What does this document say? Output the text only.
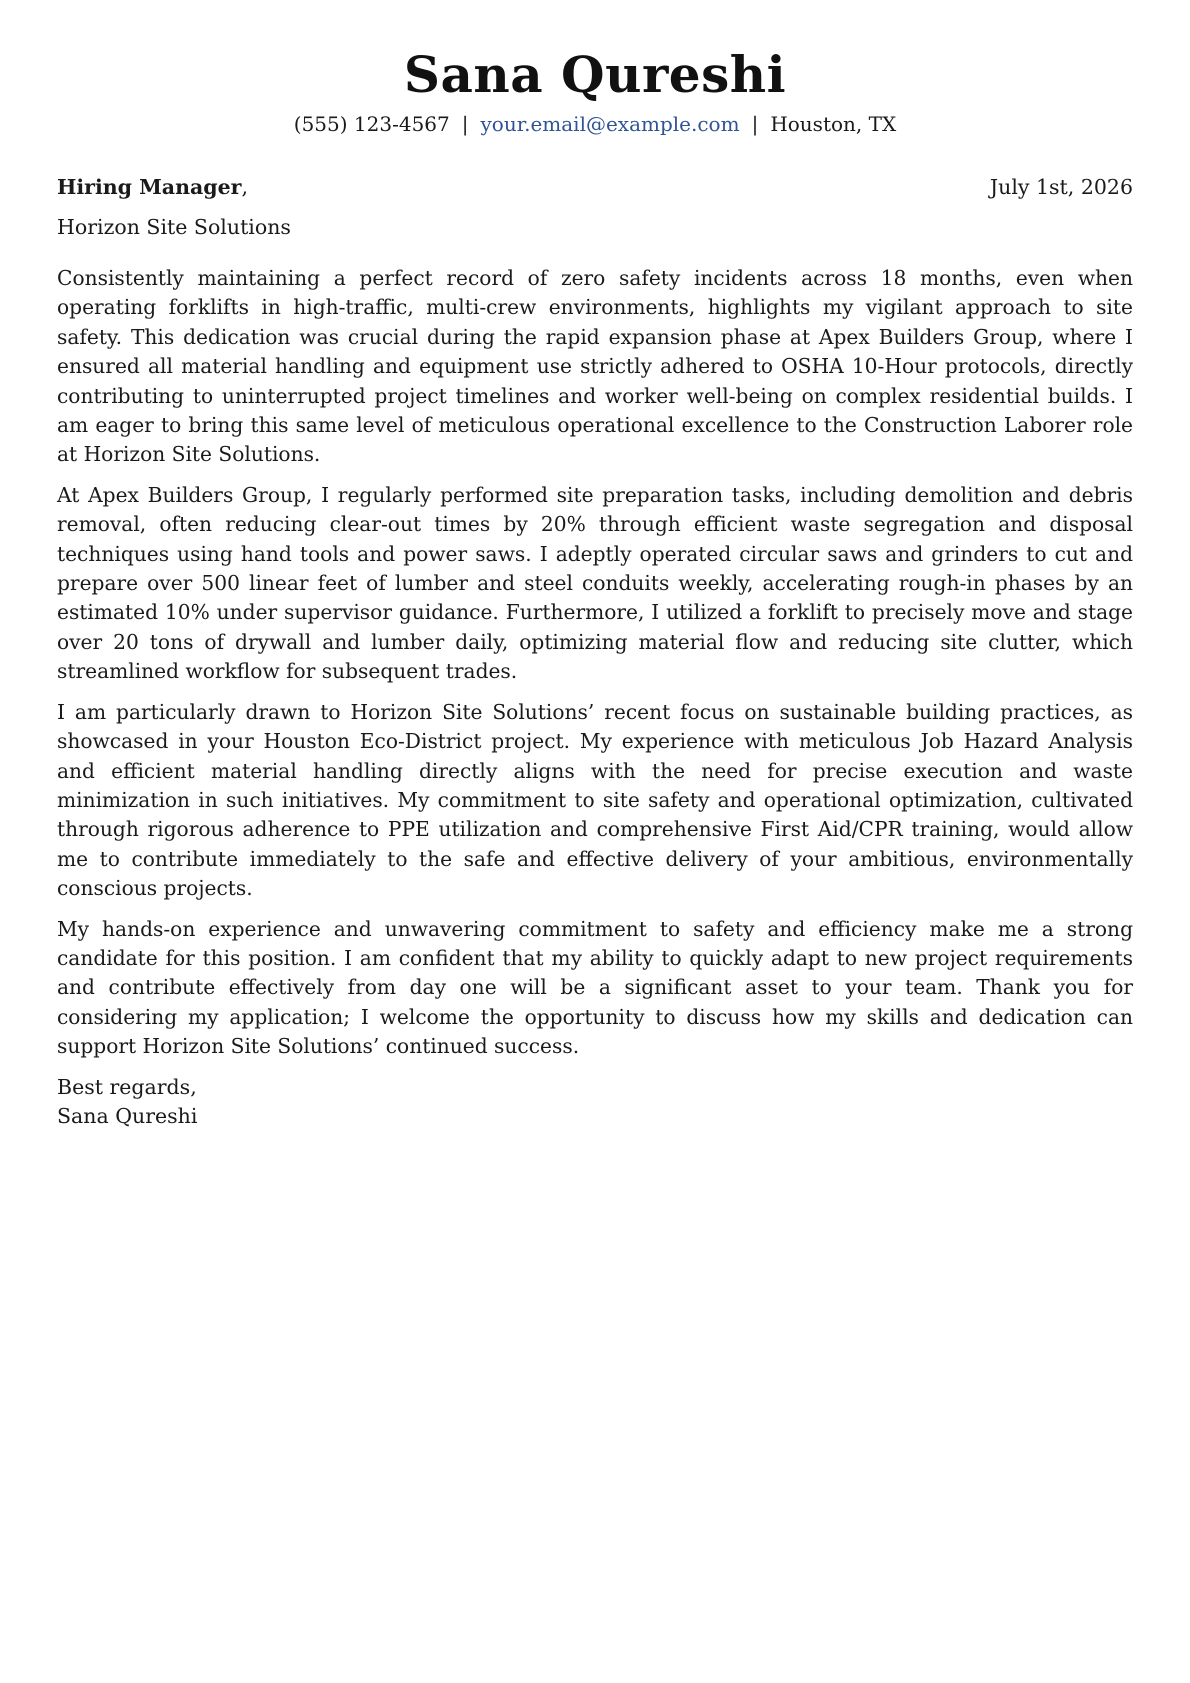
Sana Qureshi
(555) 123-4567 | your.email@example.com | Houston, TX
Hiring Manager,	July 1st, 2026
Horizon Site Solutions

Consistently maintaining a perfect record of zero safety incidents across 18 months, even when operating forklifts in high-traffic, multi-crew environments, highlights my vigilant approach to site safety. This dedication was crucial during the rapid expansion phase at Apex Builders Group, where I ensured all material handling and equipment use strictly adhered to OSHA 10-Hour protocols, directly contributing to uninterrupted project timelines and worker well-being on complex residential builds. I am eager to bring this same level of meticulous operational excellence to the Construction Laborer role at Horizon Site Solutions.

At Apex Builders Group, I regularly performed site preparation tasks, including demolition and debris removal, often reducing clear-out times by 20% through efficient waste segregation and disposal techniques using hand tools and power saws. I adeptly operated circular saws and grinders to cut and prepare over 500 linear feet of lumber and steel conduits weekly, accelerating rough-in phases by an estimated 10% under supervisor guidance. Furthermore, I utilized a forklift to precisely move and stage over 20 tons of drywall and lumber daily, optimizing material flow and reducing site clutter, which streamlined workflow for subsequent trades.

I am particularly drawn to Horizon Site Solutions’ recent focus on sustainable building practices, as showcased in your Houston Eco-District project. My experience with meticulous Job Hazard Analysis and efficient material handling directly aligns with the need for precise execution and waste minimization in such initiatives. My commitment to site safety and operational optimization, cultivated through rigorous adherence to PPE utilization and comprehensive First Aid/CPR training, would allow me to contribute immediately to the safe and effective delivery of your ambitious, environmentally conscious projects.

My hands-on experience and unwavering commitment to safety and efficiency make me a strong candidate for this position. I am confident that my ability to quickly adapt to new project requirements and contribute effectively from day one will be a significant asset to your team. Thank you for considering my application; I welcome the opportunity to discuss how my skills and dedication can support Horizon Site Solutions’ continued success.

Best regards,
Sana Qureshi
